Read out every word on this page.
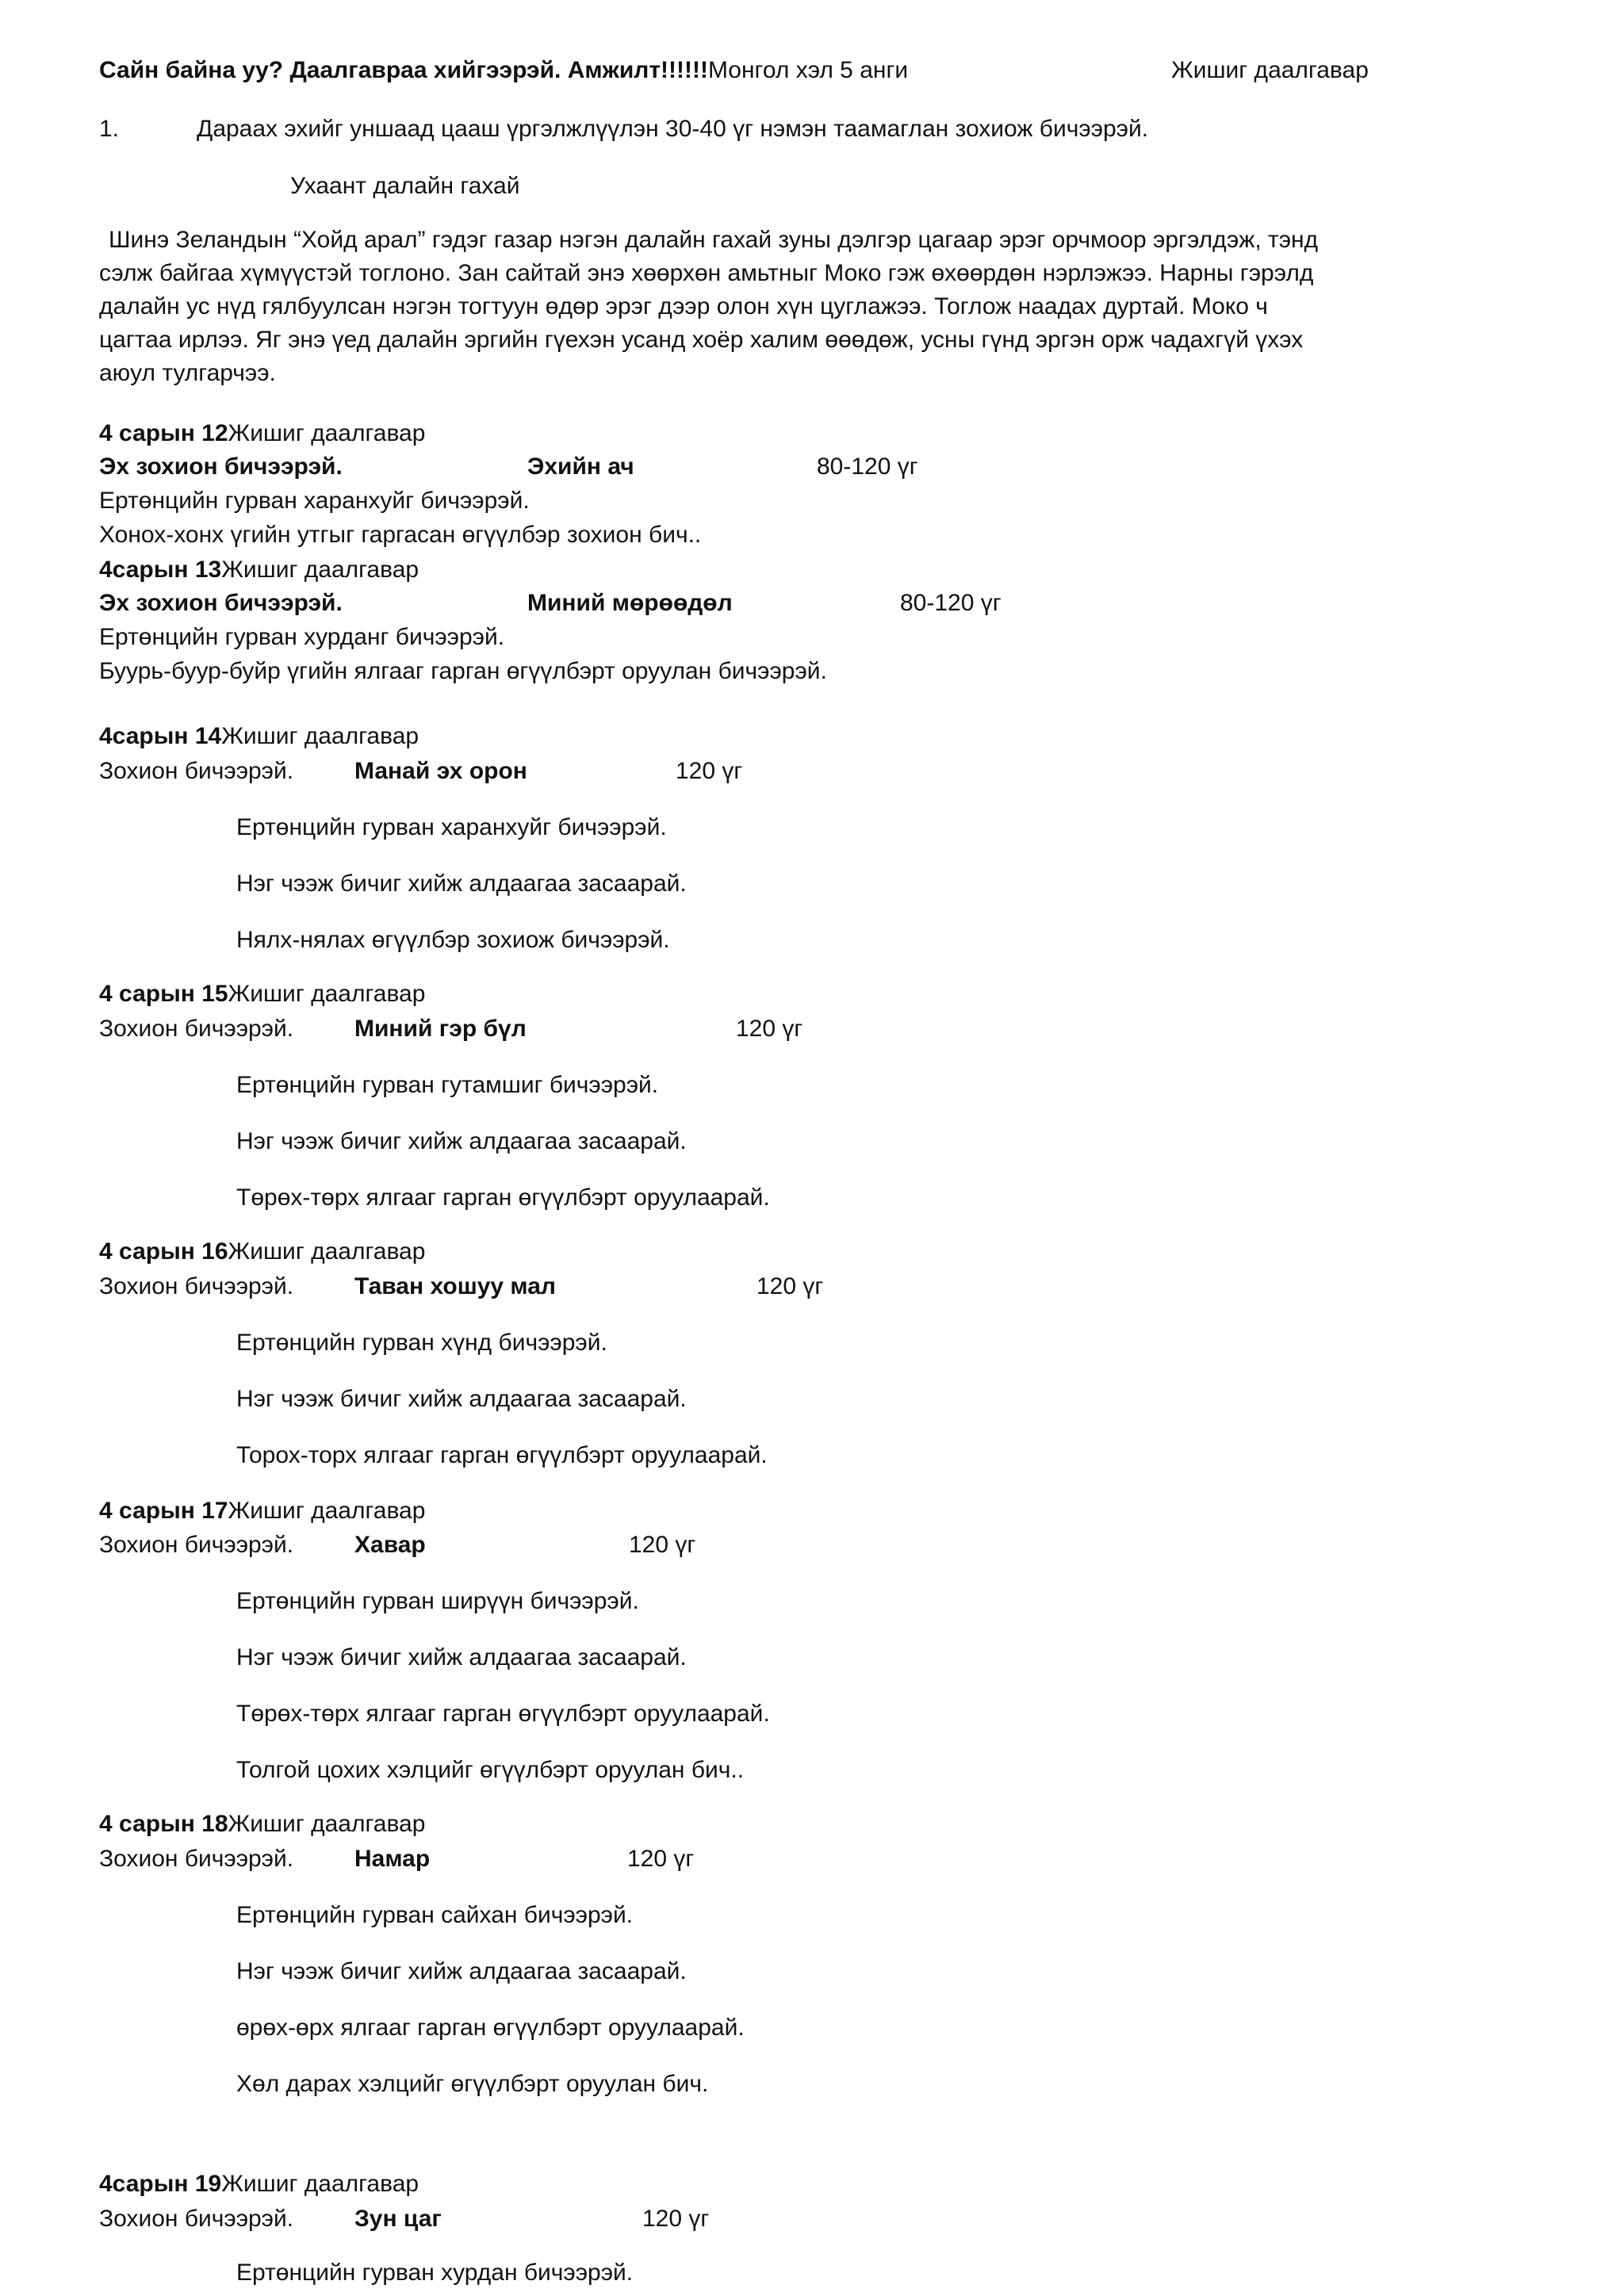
Сайн байна уу? Даалгавраа хийгээрэй. Амжилт!!!!!!Монгол хэл 5 анги	Жишиг даалгавар
1.	Дараах эхийг уншаад цааш үргэлжлүүлэн 30-40 үг нэмэн таамаглан зохиож бичээрэй.
Ухаант далайн гахай

Шинэ Зеландын “Хойд арал” гэдэг газар нэгэн далайн гахай зуны дэлгэр цагаар эрэг орчмоор эргэлдэж, тэнд

сэлж байгаа хүмүүстэй тоглоно. Зан сайтай энэ хөөрхөн амьтныг Моко гэж өхөөрдөн нэрлэжээ. Нарны гэрэлд

далайн ус нүд гялбуулсан нэгэн тогтуун өдөр эрэг дээр олон хүн цуглажээ. Тоглож наадах дуртай. Моко ч

цагтаа ирлээ. Яг энэ үед далайн эргийн гүехэн усанд хоёр халим өөөдөж, усны гүнд эргэн орж чадахгүй үхэх

аюул тулгарчээ.

4 сарын 12Жишиг даалгавар
Эх зохион бичээрэй.	Эхийн ач	80-120 үг
Ертөнцийн гурван харанхуйг бичээрэй.
Хонох-хонх үгийн утгыг гаргасан өгүүлбэр зохион бич..
4сарын 13Жишиг даалгавар
Эх зохион бичээрэй.	Миний мөрөөдөл	80-120 үг
Ертөнцийн гурван хурданг бичээрэй.
Буурь-буур-буйр үгийн ялгааг гарган өгүүлбэрт оруулан бичээрэй.
4сарын 14Жишиг даалгавар
Зохион бичээрэй.	Манай эх орон	120 үг
Ертөнцийн гурван харанхуйг бичээрэй.
Нэг чээж бичиг хийж алдаагаа засаарай.
Нялх-нялах өгүүлбэр зохиож бичээрэй.
4 сарын 15Жишиг даалгавар
Зохион бичээрэй.	Миний гэр бүл	120 үг
Ертөнцийн гурван гутамшиг бичээрэй.
Нэг чээж бичиг хийж алдаагаа засаарай.
Төрөх-төрх ялгааг гарган өгүүлбэрт оруулаарай.
4 сарын 16Жишиг даалгавар
Зохион бичээрэй.	Таван хошуу мал	120 үг
Ертөнцийн гурван хүнд бичээрэй.
Нэг чээж бичиг хийж алдаагаа засаарай.
Торох-торх ялгааг гарган өгүүлбэрт оруулаарай.
4 сарын 17Жишиг даалгавар
Зохион бичээрэй.	Хавар	120 үг
Ертөнцийн гурван ширүүн бичээрэй.
Нэг чээж бичиг хийж алдаагаа засаарай.
Төрөх-төрх ялгааг гарган өгүүлбэрт оруулаарай.
Толгой цохих хэлцийг өгүүлбэрт оруулан бич..
4 сарын 18Жишиг даалгавар
Зохион бичээрэй.	Намар	120 үг
Ертөнцийн гурван сайхан бичээрэй.
Нэг чээж бичиг хийж алдаагаа засаарай.
өрөх-өрх ялгааг гарган өгүүлбэрт оруулаарай.
Хөл дарах хэлцийг өгүүлбэрт оруулан бич.
4сарын 19Жишиг даалгавар
Зохион бичээрэй.	Зун цаг	120 үг
Ертөнцийн гурван хурдан бичээрэй.
